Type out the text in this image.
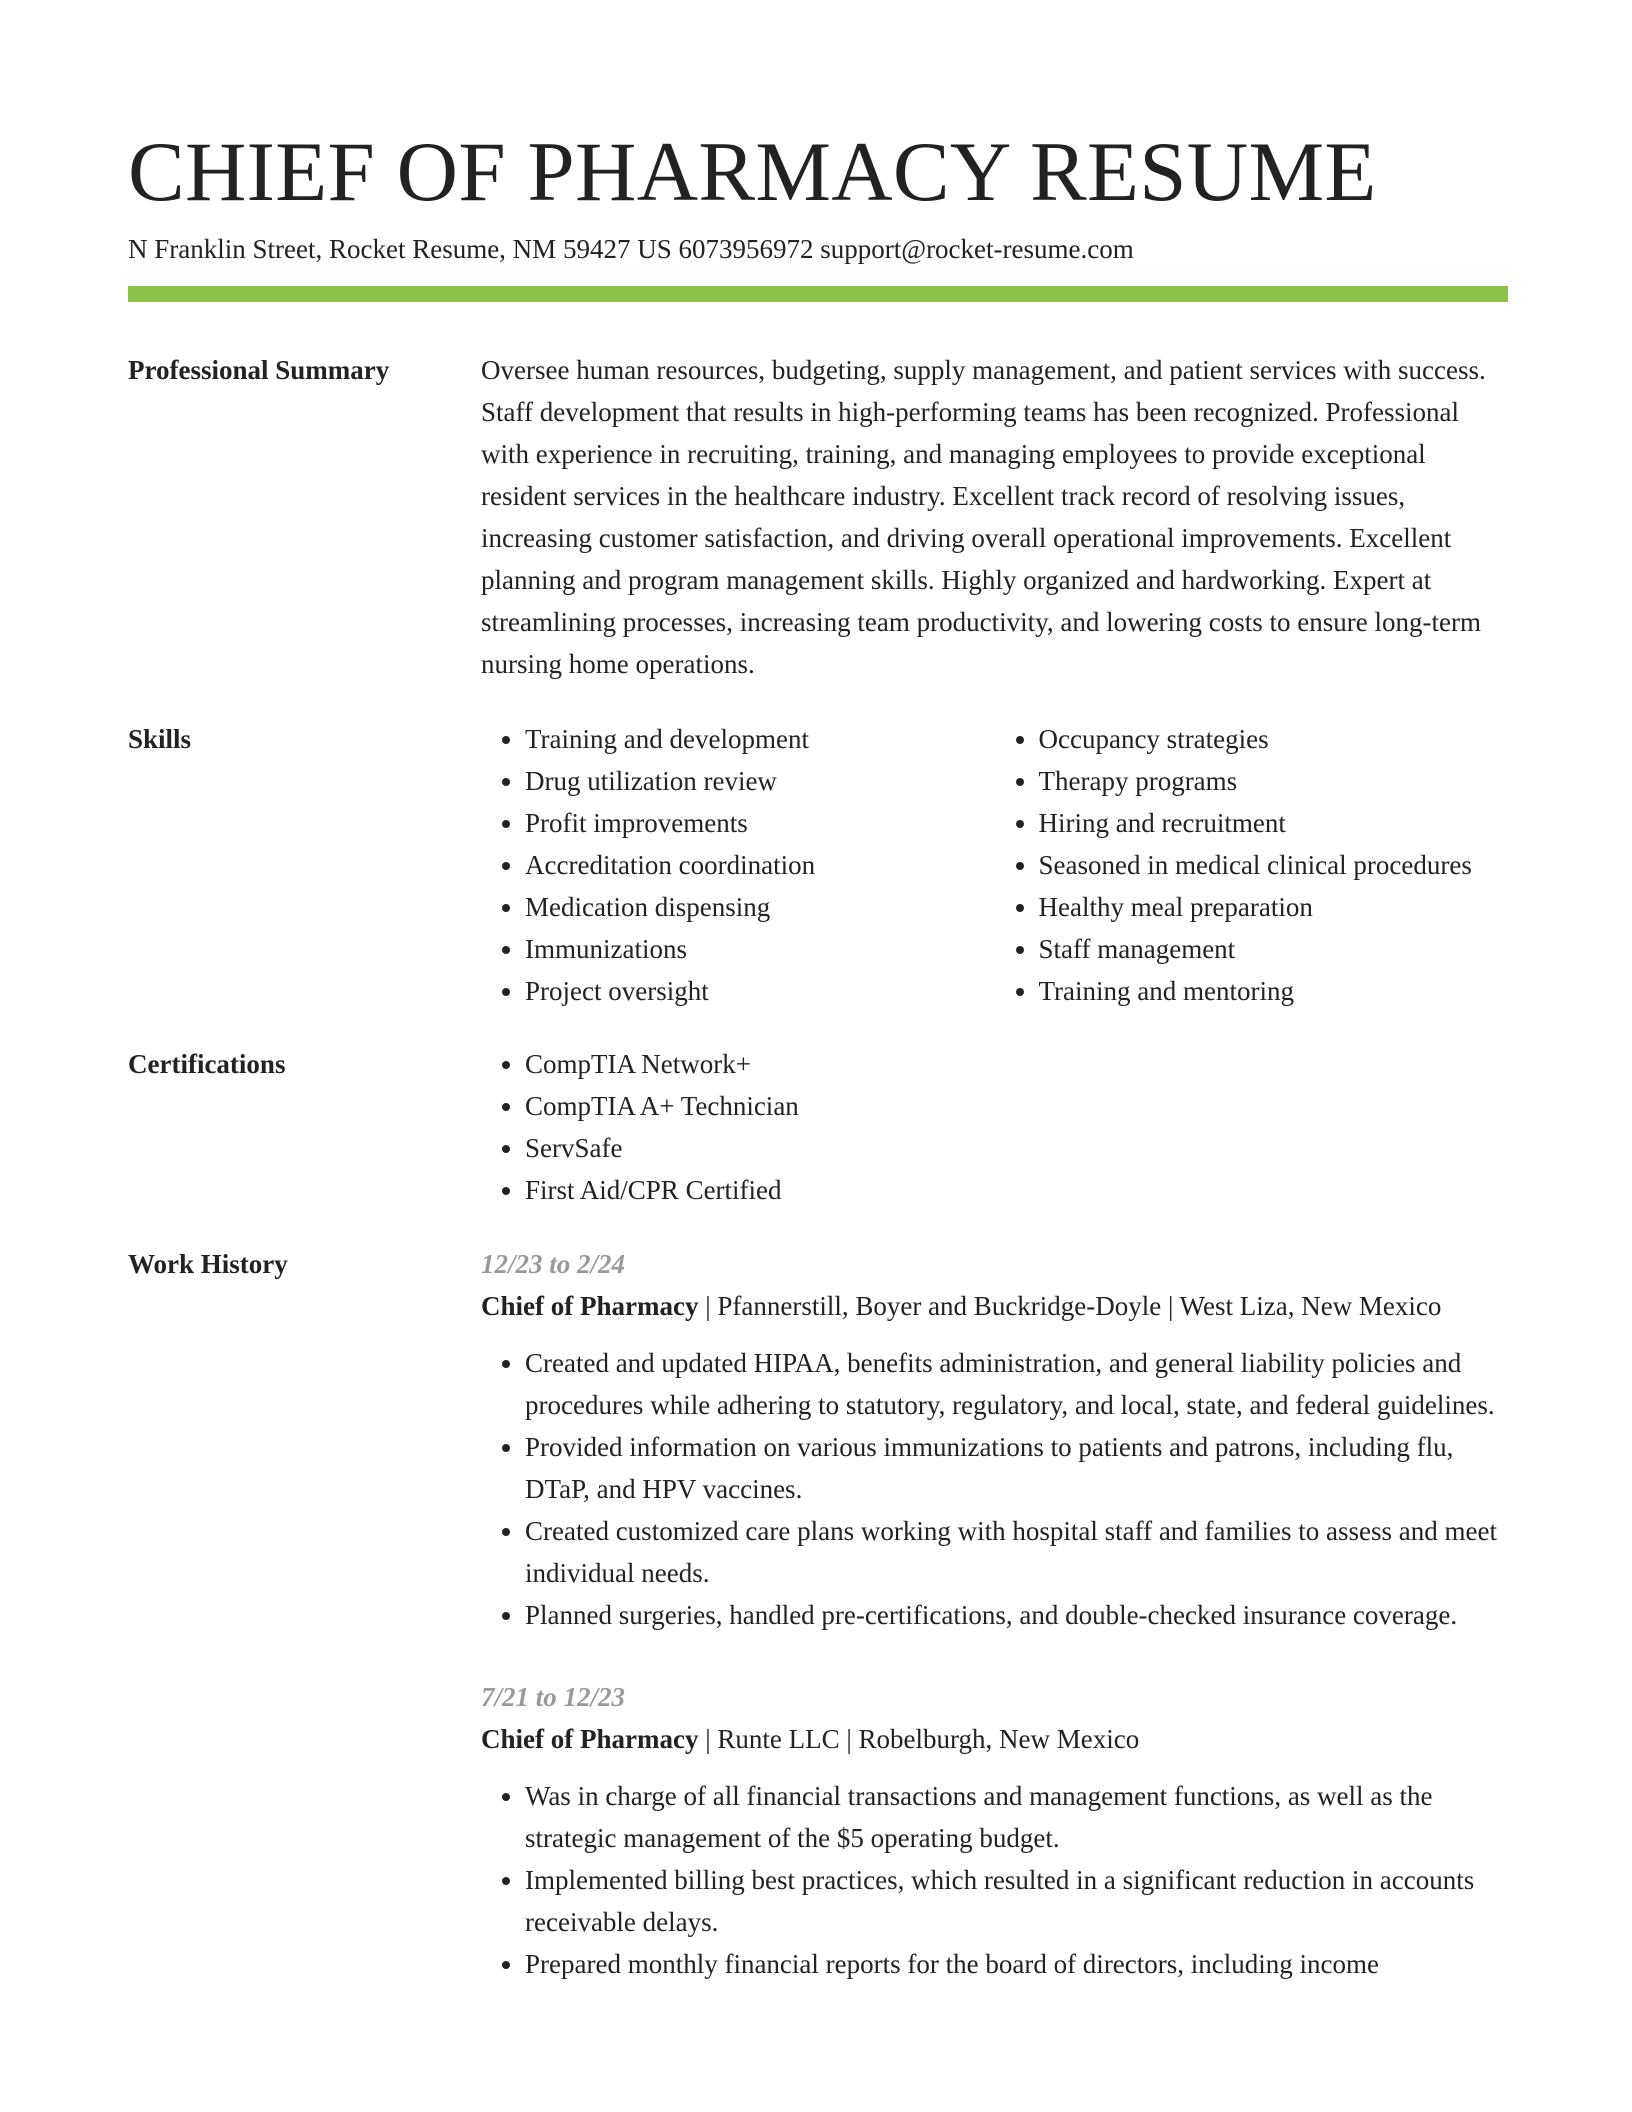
CHIEF OF PHARMACY RESUME
N Franklin Street, Rocket Resume, NM 59427 US 6073956972 support@rocket-resume.com
Professional Summary	Oversee human resources, budgeting, supply management, and patient services with success. Staff development that results in high-performing teams has been recognized. Professional with experience in recruiting, training, and managing employees to provide exceptional resident services in the healthcare industry. Excellent track record of resolving issues, increasing customer satisfaction, and driving overall operational improvements. Excellent planning and program management skills. Highly organized and hardworking. Expert at streamlining processes, increasing team productivity, and lowering costs to ensure long-term nursing home operations.

Skills	• Training and development
• Drug utilization review
• Profit improvements
• Accreditation coordination
• Medication dispensing
• Immunizations
• Project oversight
• Occupancy strategies
• Therapy programs
• Hiring and recruitment
• Seasoned in medical clinical procedures
• Healthy meal preparation
• Staff management
• Training and mentoring
Certifications	• CompTIA Network+
• CompTIA A+ Technician
• ServSafe
• First Aid/CPR Certified
Work History	12/23 to 2/24
Chief of Pharmacy | Pfannerstill, Boyer and Buckridge-Doyle | West Liza, New Mexico
• Created and updated HIPAA, benefits administration, and general liability policies and procedures while adhering to statutory, regulatory, and local, state, and federal guidelines.
• Provided information on various immunizations to patients and patrons, including flu, DTaP, and HPV vaccines.
• Created customized care plans working with hospital staff and families to assess and meet individual needs.
• Planned surgeries, handled pre-certifications, and double-checked insurance coverage.
7/21 to 12/23
Chief of Pharmacy | Runte LLC | Robelburgh, New Mexico
• Was in charge of all financial transactions and management functions, as well as the strategic management of the $5 operating budget.
• Implemented billing best practices, which resulted in a significant reduction in accounts receivable delays.
• Prepared monthly financial reports for the board of directors, including income
